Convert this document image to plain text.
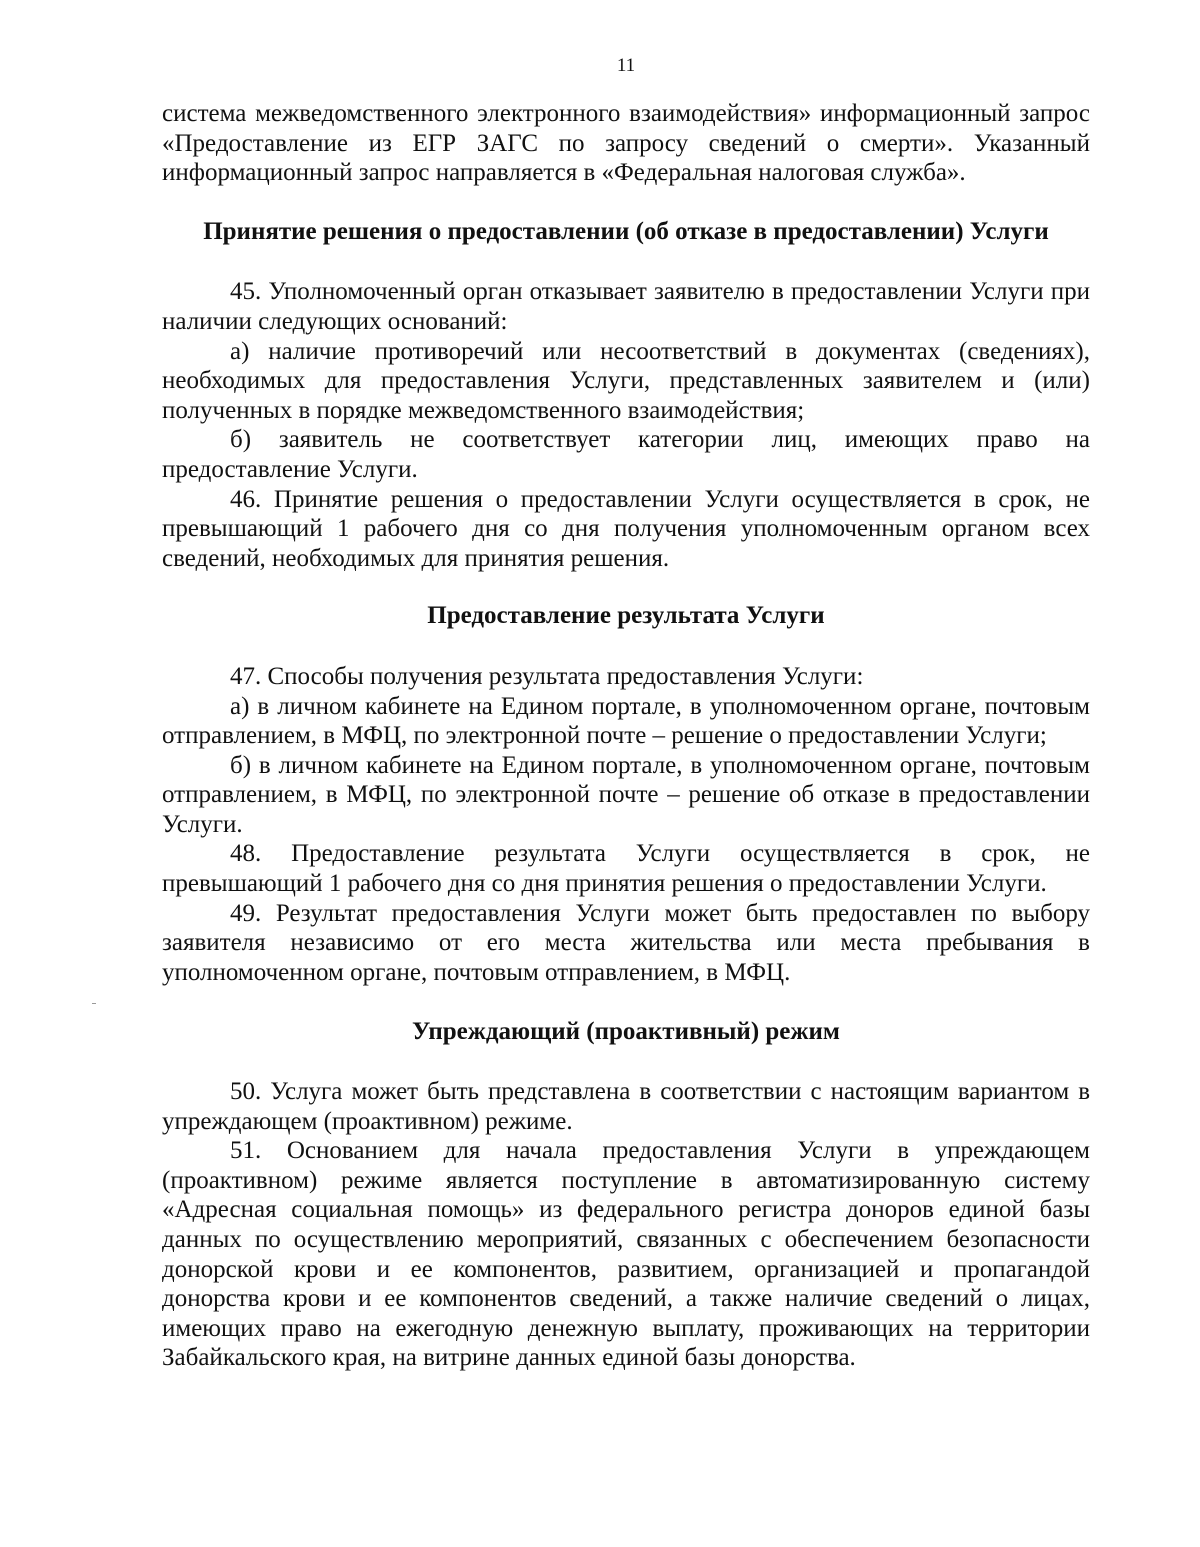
11

система межведомственного электронного взаимодействия» информационный запрос «Предоставление из ЕГР ЗАГС по запросу сведений о смерти». Указанный информационный запрос направляется в «Федеральная налоговая служба».

Принятие решения о предоставлении (об отказе в предоставлении) Услуги

45. Уполномоченный орган отказывает заявителю в предоставлении Услуги при наличии следующих оснований:

а) наличие противоречий или несоответствий в документах (сведениях), необходимых для предоставления Услуги, представленных заявителем и (или) полученных в порядке межведомственного взаимодействия;

б) заявитель не соответствует категории лиц, имеющих право на предоставление Услуги.

46. Принятие решения о предоставлении Услуги осуществляется в срок, не превышающий 1 рабочего дня со дня получения уполномоченным органом всех сведений, необходимых для принятия решения.

Предоставление результата Услуги

47. Способы получения результата предоставления Услуги:

а) в личном кабинете на Едином портале, в уполномоченном органе, почтовым отправлением, в МФЦ, по электронной почте – решение о предоставлении Услуги;

б) в личном кабинете на Едином портале, в уполномоченном органе, почтовым отправлением, в МФЦ, по электронной почте – решение об отказе в предоставлении Услуги.

48. Предоставление результата Услуги осуществляется в срок, не превышающий 1 рабочего дня со дня принятия решения о предоставлении Услуги.

49. Результат предоставления Услуги может быть предоставлен по выбору заявителя независимо от его места жительства или места пребывания в уполномоченном органе, почтовым отправлением, в МФЦ.

Упреждающий (проактивный) режим

50. Услуга может быть представлена в соответствии с настоящим вариантом в упреждающем (проактивном) режиме.

51. Основанием для начала предоставления Услуги в упреждающем (проактивном) режиме является поступление в автоматизированную систему «Адресная социальная помощь» из федерального регистра доноров единой базы данных по осуществлению мероприятий, связанных с обеспечением безопасности донорской крови и ее компонентов, развитием, организацией и пропагандой донорства крови и ее компонентов сведений, а также наличие сведений о лицах, имеющих право на ежегодную денежную выплату, проживающих на территории Забайкальского края, на витрине данных единой базы донорства.
